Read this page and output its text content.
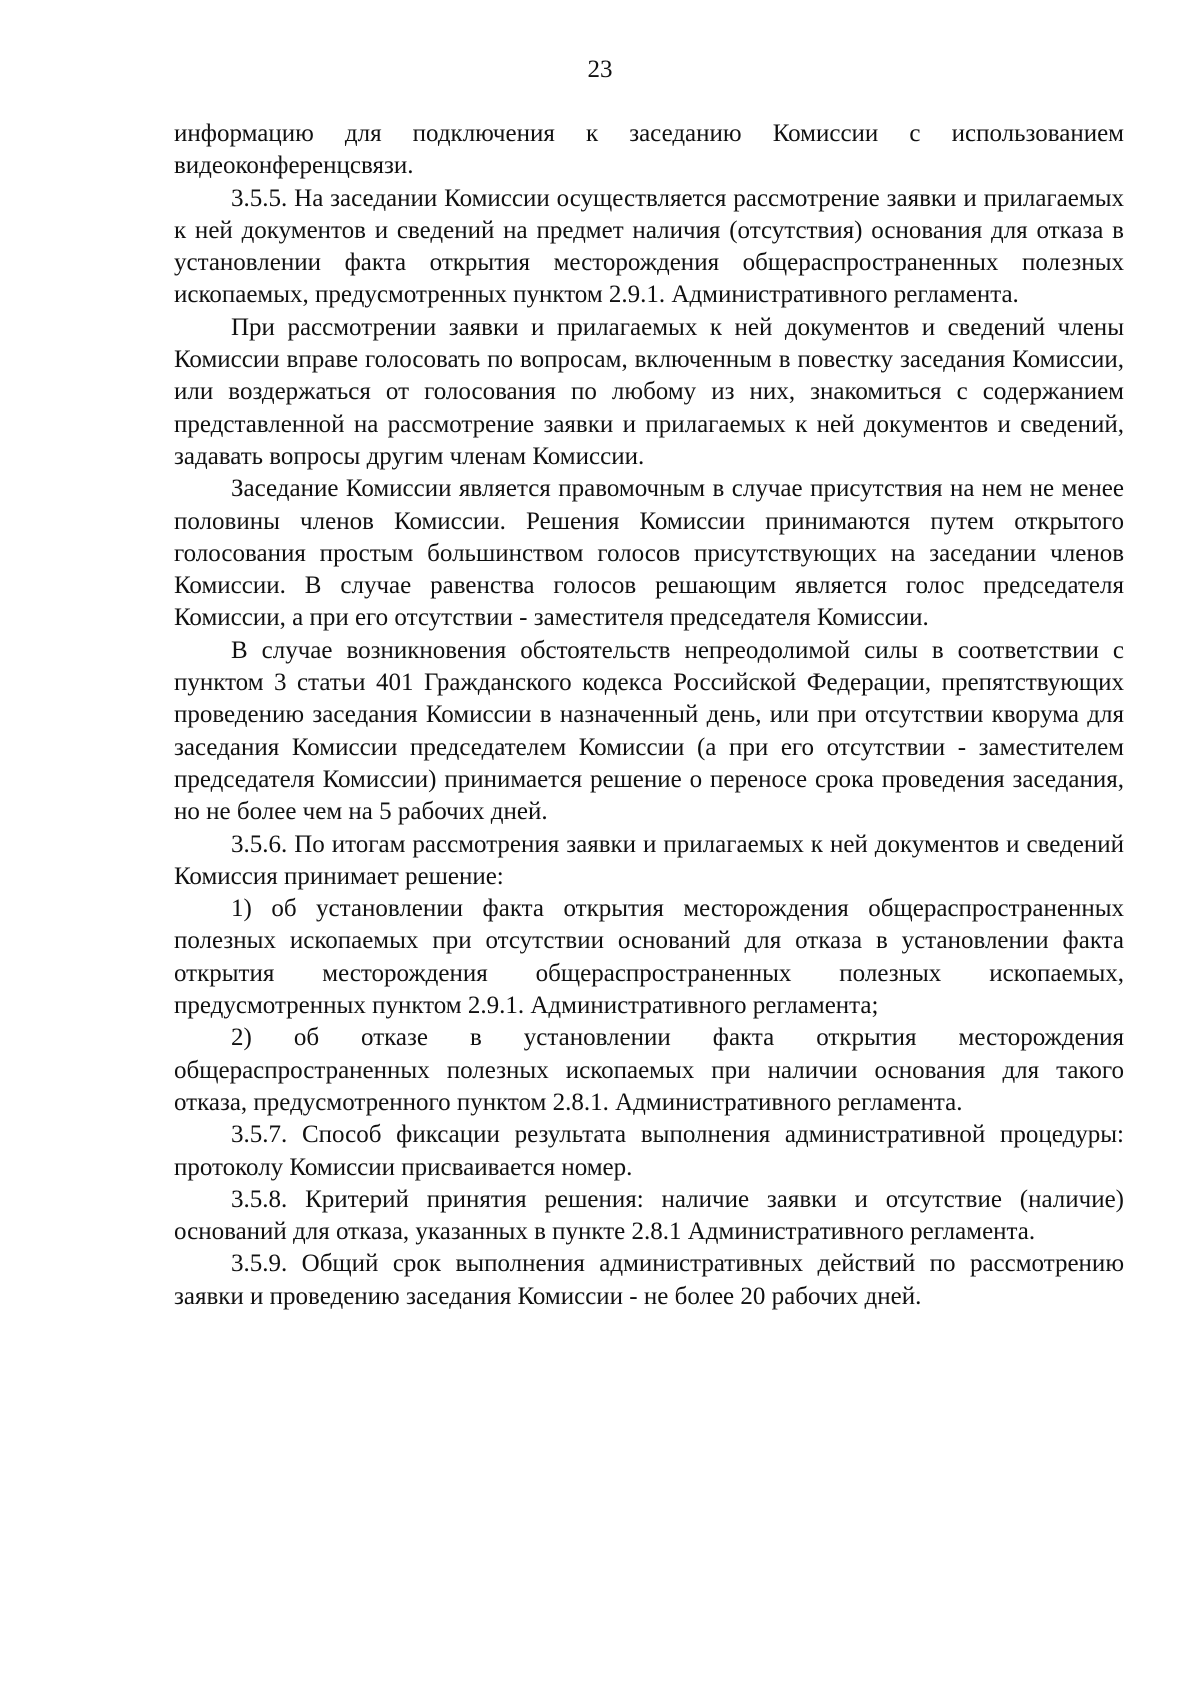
23

информацию для подключения к заседанию Комиссии с использованием видеоконференцсвязи.

3.5.5. На заседании Комиссии осуществляется рассмотрение заявки и прилагаемых к ней документов и сведений на предмет наличия (отсутствия) основания для отказа в установлении факта открытия месторождения общераспространенных полезных ископаемых, предусмотренных пунктом 2.9.1. Административного регламента.

При рассмотрении заявки и прилагаемых к ней документов и сведений члены Комиссии вправе голосовать по вопросам, включенным в повестку заседания Комиссии, или воздержаться от голосования по любому из них, знакомиться с содержанием представленной на рассмотрение заявки и прилагаемых к ней документов и сведений, задавать вопросы другим членам Комиссии.

Заседание Комиссии является правомочным в случае присутствия на нем не менее половины членов Комиссии. Решения Комиссии принимаются путем открытого голосования простым большинством голосов присутствующих на заседании членов Комиссии. В случае равенства голосов решающим является голос председателя Комиссии, а при его отсутствии - заместителя председателя Комиссии.

В случае возникновения обстоятельств непреодолимой силы в соответствии с пунктом 3 статьи 401 Гражданского кодекса Российской Федерации, препятствующих проведению заседания Комиссии в назначенный день, или при отсутствии кворума для заседания Комиссии председателем Комиссии (а при его отсутствии - заместителем председателя Комиссии) принимается решение о переносе срока проведения заседания, но не более чем на 5 рабочих дней.

3.5.6. По итогам рассмотрения заявки и прилагаемых к ней документов и сведений Комиссия принимает решение:

1) об установлении факта открытия месторождения общераспространенных полезных ископаемых при отсутствии оснований для отказа в установлении факта открытия месторождения общераспространенных полезных ископаемых, предусмотренных пунктом 2.9.1. Административного регламента;

2) об отказе в установлении факта открытия месторождения общераспространенных полезных ископаемых при наличии основания для такого отказа, предусмотренного пунктом 2.8.1. Административного регламента.

3.5.7. Способ фиксации результата выполнения административной процедуры: протоколу Комиссии присваивается номер.

3.5.8. Критерий принятия решения: наличие заявки и отсутствие (наличие) оснований для отказа, указанных в пункте 2.8.1 Административного регламента.

3.5.9. Общий срок выполнения административных действий по рассмотрению заявки и проведению заседания Комиссии - не более 20 рабочих дней.
